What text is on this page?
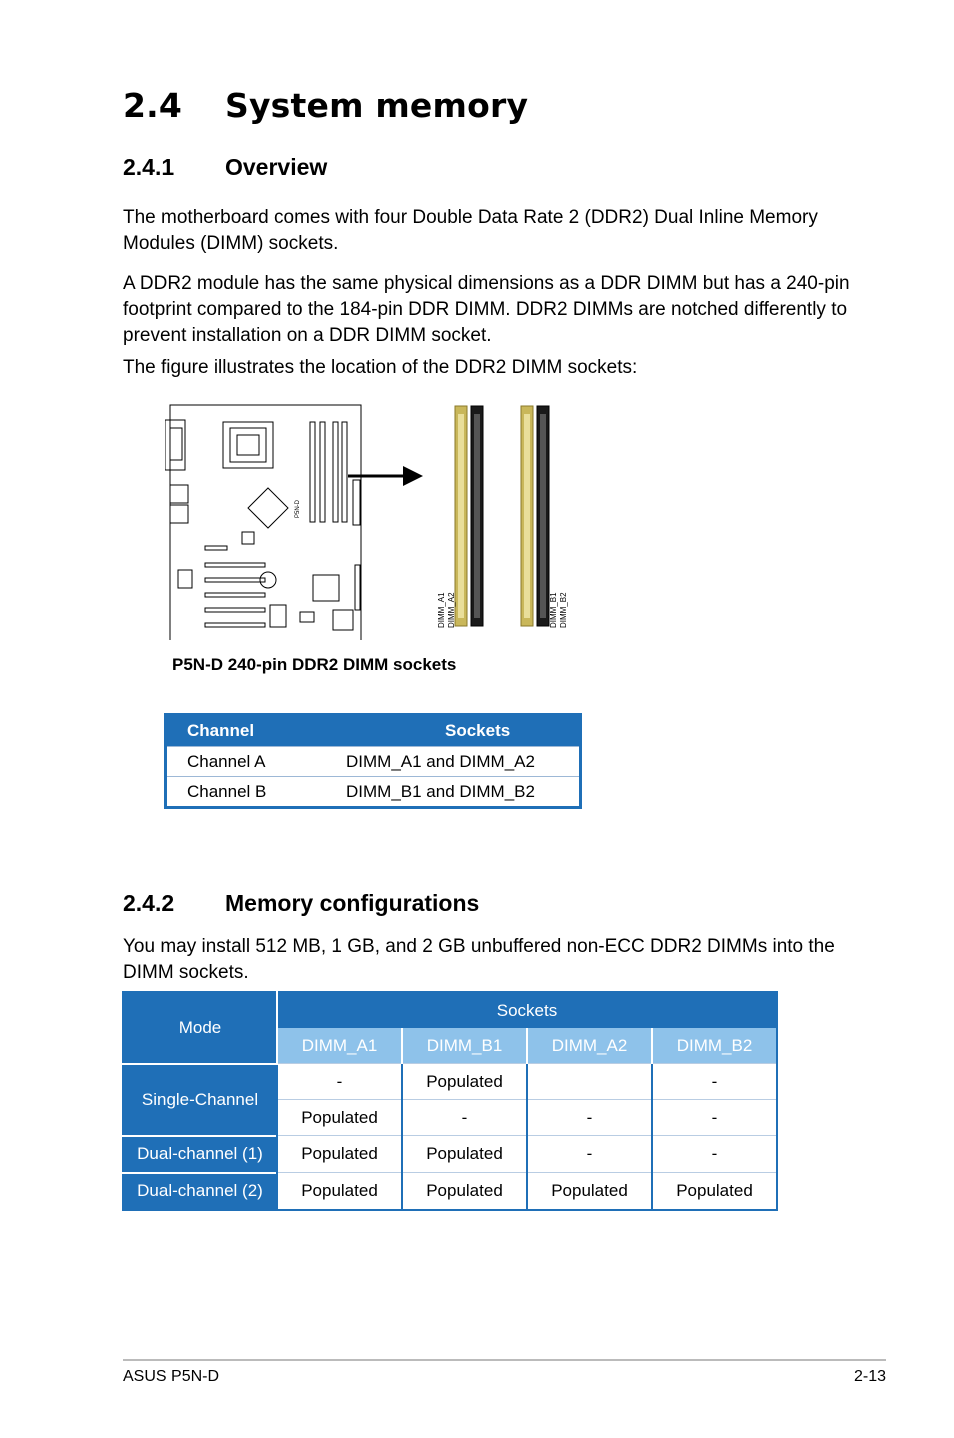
2.4 System memory
2.4.1 Overview

The motherboard comes with four Double Data Rate 2 (DDR2) Dual Inline Memory Modules (DIMM) sockets.

A DDR2 module has the same physical dimensions as a DDR DIMM but has a 240-pin footprint compared to the 184-pin DDR DIMM. DDR2 DIMMs are notched differently to prevent installation on a DDR DIMM socket.

The figure illustrates the location of the DDR2 DIMM sockets:

P5N-D
DIMM_A1 DIMM_A2	DIMM_B1 DIMM_B2
P5N-D 240-pin DDR2 DIMM sockets
Channel	Sockets
Channel A	DIMM_A1 and DIMM_A2
Channel B	DIMM_B1 and DIMM_B2
2.4.2 Memory configurations

You may install 512 MB, 1 GB, and 2 GB unbuffered non-ECC DDR2 DIMMs into the DIMM sockets.

Mode	Sockets			
	DIMM_A1	DIMM_B1	DIMM_A2	DIMM_B2
Single-Channel	-	Populated		-
	Populated	-	-	-
Dual-channel (1)	Populated	Populated	-	-
Dual-channel (2)	Populated	Populated	Populated	Populated
ASUS P5N-D	2-13
